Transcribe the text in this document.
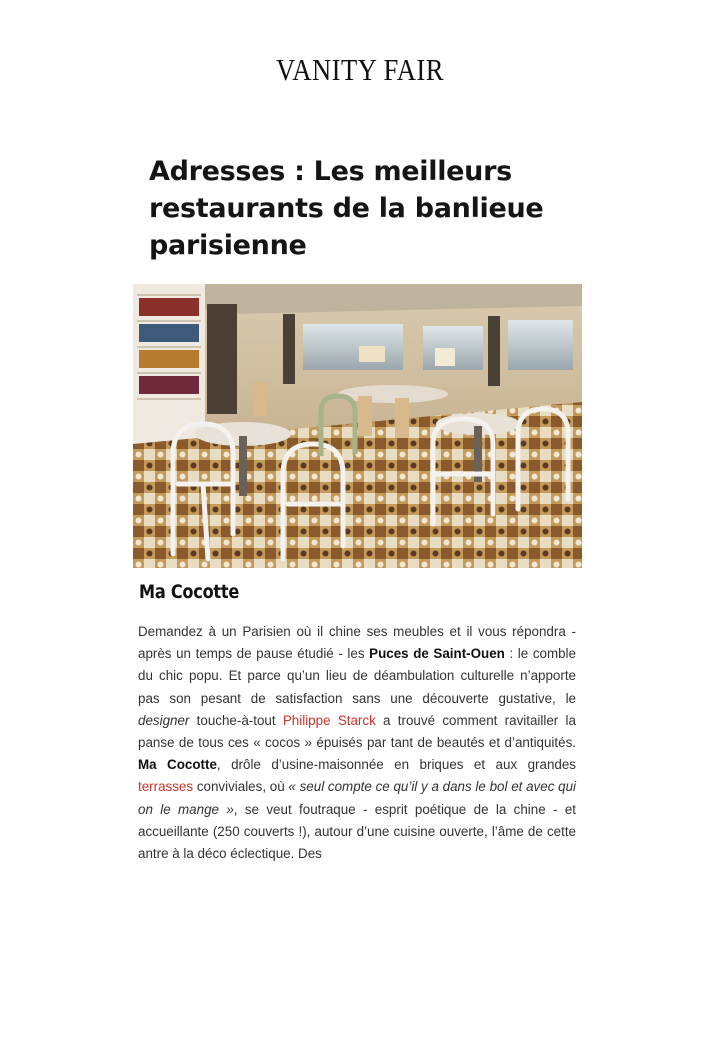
VANITY FAIR
Adresses : Les meilleurs restaurants de la banlieue parisienne
Ma Cocotte
Demandez à un Parisien où il chine ses meubles et il vous répondra - après un temps de pause étudié - les Puces de Saint-Ouen : le comble du chic popu. Et parce qu’un lieu de déambulation culturelle n’apporte pas son pesant de satisfaction sans une découverte gustative, le designer touche-à-tout Philippe Starck a trouvé comment ravitailler la panse de tous ces « cocos » épuisés par tant de beautés et d’antiquités. Ma Cocotte, drôle d’usine-maisonnée en briques et aux grandes terrasses conviviales, où « seul compte ce qu’il y a dans le bol et avec qui on le mange », se veut foutraque - esprit poétique de la chine - et accueillante (250 couverts !), autour d’une cuisine ouverte, l’âme de cette antre à la déco éclectique. Des
